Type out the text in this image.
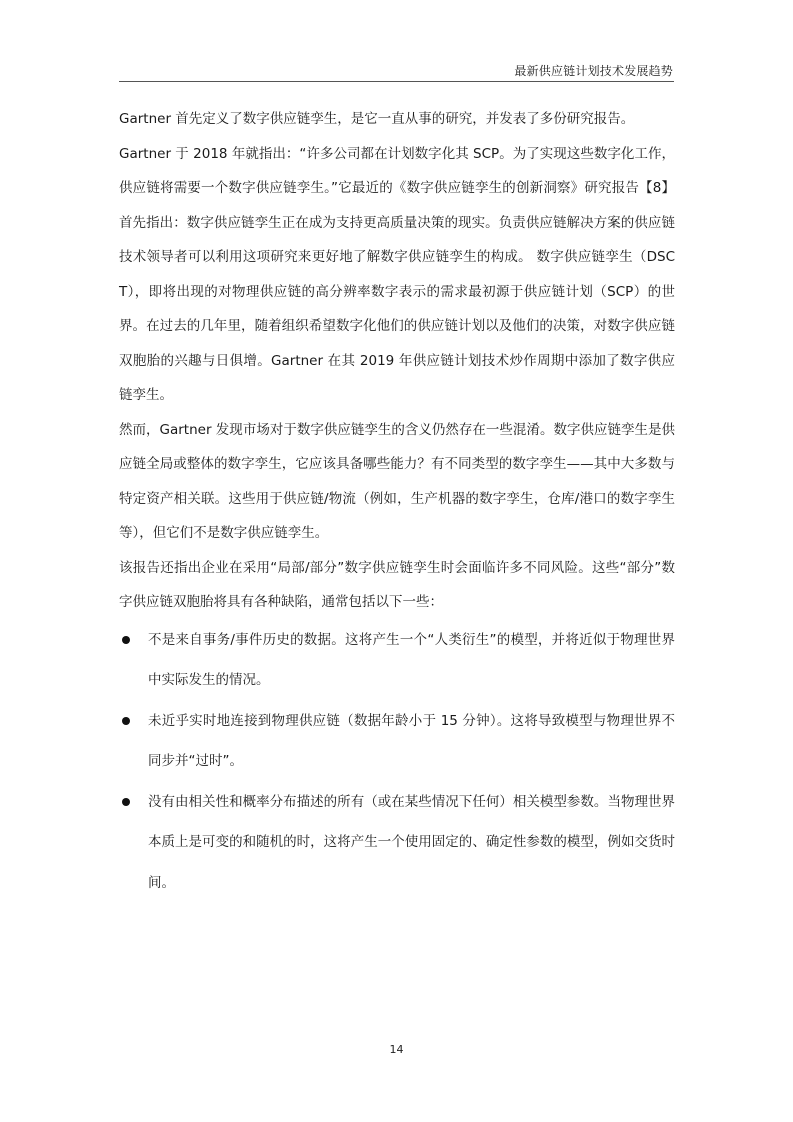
最新供应链计划技术发展趋势

Gartner 首先定义了数字供应链孪生，是它一直从事的研究，并发表了多份研究报告。

Gartner 于 2018 年就指出：“许多公司都在计划数字化其 SCP。为了实现这些数字化工作，供应链将需要一个数字供应链孪生。”它最近的《数字供应链孪生的创新洞察》研究报告【8】首先指出：数字供应链孪生正在成为支持更高质量决策的现实。负责供应链解决方案的供应链技术领导者可以利用这项研究来更好地了解数字供应链孪生的构成。 数字供应链孪生（DSCT），即将出现的对物理供应链的高分辨率数字表示的需求最初源于供应链计划（SCP）的世界。在过去的几年里，随着组织希望数字化他们的供应链计划以及他们的决策，对数字供应链双胞胎的兴趣与日俱增。Gartner 在其 2019 年供应链计划技术炒作周期中添加了数字供应链孪生。

然而，Gartner 发现市场对于数字供应链孪生的含义仍然存在一些混淆。数字供应链孪生是供应链全局或整体的数字孪生，它应该具备哪些能力？有不同类型的数字孪生——其中大多数与特定资产相关联。这些用于供应链/物流（例如，生产机器的数字孪生，仓库/港口的数字孪生等），但它们不是数字供应链孪生。

该报告还指出企业在采用“局部/部分”数字供应链孪生时会面临许多不同风险。这些“部分”数字供应链双胞胎将具有各种缺陷，通常包括以下一些：

不是来自事务/事件历史的数据。这将产生一个“人类衍生”的模型，并将近似于物理世界中实际发生的情况。
未近乎实时地连接到物理供应链（数据年龄小于 15 分钟）。这将导致模型与物理世界不同步并“过时”。
没有由相关性和概率分布描述的所有（或在某些情况下任何）相关模型参数。当物理世界本质上是可变的和随机的时，这将产生一个使用固定的、确定性参数的模型，例如交货时间。
14
